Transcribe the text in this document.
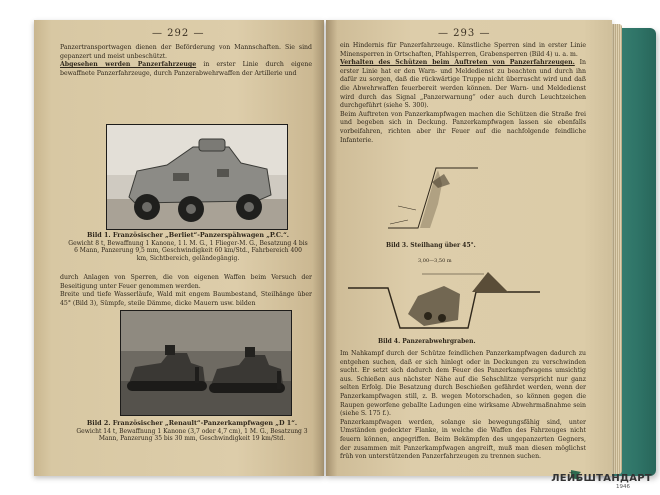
— 292 —
Panzertransportwagen dienen der Beförderung von Mannschaften. Sie sind gepanzert und meist unbeschützt.
Abgesehen werden Panzerfahrzeuge in erster Linie durch eigene bewaffnete Panzerfahrzeuge, durch Panzerabwehrwaffen der Artillerie und
Bild 1. Französischer „Berliet“-Panzerspähwagen „P.C.“.
Gewicht 8 t, Bewaffnung 1 Kanone, 1 l. M. G., 1 Flieger-M. G., Besatzung 4 bis 6 Mann, Panzerung 9,5 mm, Geschwindigkeit 60 km/Std., Fahrbereich 400 km, Sichtbereich, geländegängig.
durch Anlagen von Sperren, die von eigenen Waffen beim Versuch der Beseitigung unter Feuer genommen werden.
Breite und tiefe Wasserläufe, Wald mit engem Baumbestand, Steilhänge über 45° (Bild 3), Sümpfe, steile Dämme, dicke Mauern usw. bilden
Bild 2. Französischer „Renault“-Panzerkampfwagen „D 1“.
Gewicht 14 t, Bewaffnung 1 Kanone (3,7 oder 4,7 cm), 1 M. G., Besatzung 3 Mann, Panzerung 35 bis 30 mm, Geschwindigkeit 19 km/Std.
— 293 —
ein Hindernis für Panzerfahrzeuge. Künstliche Sperren sind in erster Linie Minensperren in Ortschaften, Pfahlsperren, Grabensperren (Bild 4) u. a. m.
Verhalten des Schützen beim Auftreten von Panzerfahrzeugen. In erster Linie hat er den Warn- und Meldedienst zu beachten und durch ihn dafür zu sorgen, daß die rückwärtige Truppe nicht überrascht wird und daß die Abwehrwaffen feuerbereit werden können. Der Warn- und Meldedienst wird durch das Signal „Panzerwarnung“ oder auch durch Leuchtzeichen durchgeführt (siehe S. 300).
Beim Auftreten von Panzerkampfwagen machen die Schützen die Straße frei und begeben sich in Deckung. Panzerkampfwagen lassen sie ebenfalls vorbeifahren, richten aber ihr Feuer auf die nachfolgende feindliche Infanterie.
Bild 3. Steilhang über 45°.
3,00—3,50 m
Bild 4. Panzerabwehrgraben.
Im Nahkampf durch der Schütze feindlichen Panzerkampfwagen dadurch zu entgehen suchen, daß er sich hinlegt oder in Deckungen zu verschwinden sucht. Er setzt sich dadurch dem Feuer des Panzerkampfwagens umsichtig aus. Schießen aus nächster Nähe auf die Sehschlitze verspricht nur ganz selten Erfolg. Die Besatzung durch Beschießen gefährdet werden, wenn der Panzerkampfwagen still, z. B. wegen Motorschaden, so können gegen die Raupen geworfene geballte Ladungen eine wirksame Abwehrmaßnahme sein (siehe S. 175 f.).
Panzerkampfwagen werden, solange sie bewegungsfähig sind, unter Umständen gedeckter Flanke, in welche die Waffen des Fahrzeuges nicht feuern können, angegriffen. Beim Bekämpfen des ungepanzerten Gegners, der zusammen mit Panzerkampfwagen angreift, muß man diesen möglichst früh von unterstützenden Panzerfahrzeugen zu trennen suchen.
ЛЕЙБШТАНДАРТ
1946
